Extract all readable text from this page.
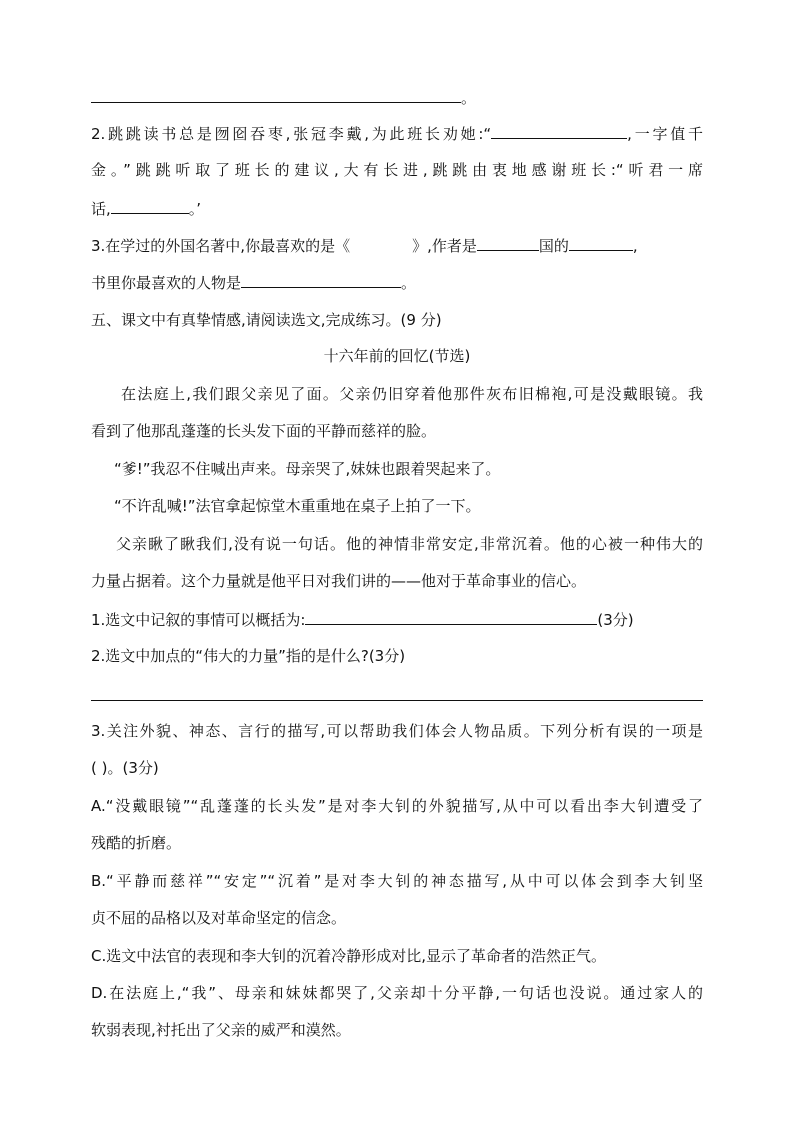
。
2.跳跳读书总是囫囵吞枣,张冠李戴,为此班长劝她:“	,一字值千
金。”跳跳听取了班长的建议,大有长进,跳跳由衷地感谢班长:“听君一席
话,	。’
3.在学过的外国名著中,你最喜欢的是《	》,作者是	国的	,
书里你最喜欢的人物是	。
五、课文中有真挚情感,请阅读选文,完成练习。(9 分)
十六年前的回忆(节选)
在法庭上,我们跟父亲见了面。父亲仍旧穿着他那件灰布旧棉袍,可是没戴眼镜。我
看到了他那乱蓬蓬的长头发下面的平静而慈祥的脸。
“爹!”我忍不住喊出声来。母亲哭了,妹妹也跟着哭起来了。
“不许乱喊!”法官拿起惊堂木重重地在桌子上拍了一下。
父亲瞅了瞅我们,没有说一句话。他的神情非常安定,非常沉着。他的心被一种伟大的
力量占据着。这个力量就是他平日对我们讲的——他对于革命事业的信心。
1.选文中记叙的事情可以概括为:	(3分)
2.选文中加点的“伟大的力量”指的是什么?(3分)
3.关注外貌、神态、言行的描写,可以帮助我们体会人物品质。下列分析有误的一项是
( )。(3分)
A.“没戴眼镜”“乱蓬蓬的长头发”是对李大钊的外貌描写,从中可以看出李大钊遭受了
残酷的折磨。
B.“平静而慈祥”“安定”“沉着”是对李大钊的神态描写,从中可以体会到李大钊坚
贞不屈的品格以及对革命坚定的信念。
C.选文中法官的表现和李大钊的沉着冷静形成对比,显示了革命者的浩然正气。
D.在法庭上,“我”、母亲和妹妹都哭了,父亲却十分平静,一句话也没说。通过家人的
软弱表现,衬托出了父亲的威严和漠然。
